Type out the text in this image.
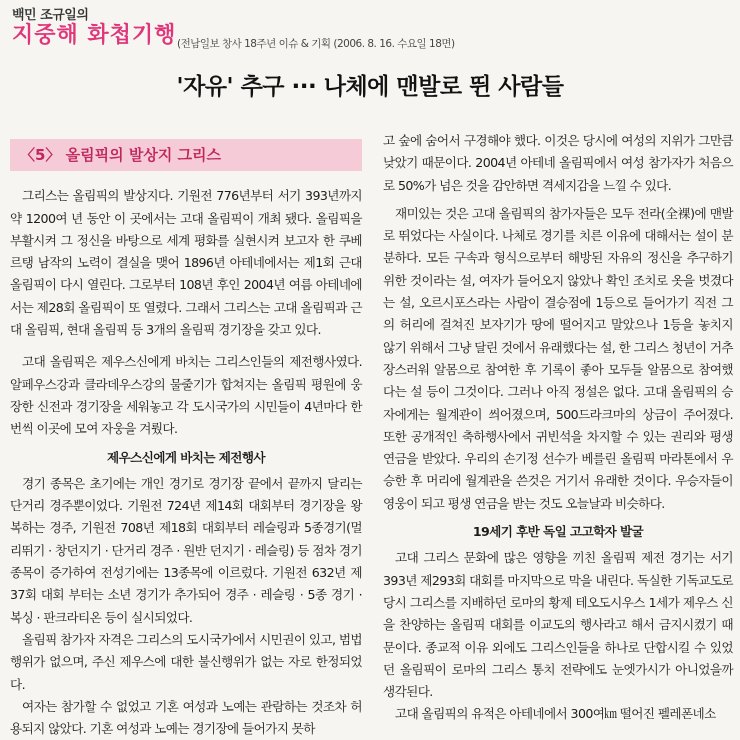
백민 조규일의
지중해 화첩기행 (전남일보 창사 18주년 이슈 & 기획 (2006. 8. 16. 수요일 18면)
'자유' 추구 ··· 나체에 맨발로 뛴 사람들
〈5〉 올림픽의 발상지 그리스

그리스는 올림픽의 발상지다. 기원전 776년부터 서기 393년까지 약 1200여 년 동안 이 곳에서는 고대 올림픽이 개최 됐다. 올림픽을 부활시켜 그 정신을 바탕으로 세계 평화를 실현시켜 보고자 한 쿠베르탱 남작의 노력이 결실을 맺어 1896년 아테네에서는 제1회 근대 올림픽이 다시 열린다. 그로부터 108년 후인 2004년 여름 아테네에서는 제28회 올림픽이 또 열렸다. 그래서 그리스는 고대 올림픽과 근대 올림픽, 현대 올림픽 등 3개의 올림픽 경기장을 갖고 있다.

고대 올림픽은 제우스신에게 바치는 그리스인들의 제전행사였다. 알페우스강과 클라데우스강의 물줄기가 합쳐지는 올림픽 평원에 웅장한 신전과 경기장을 세워놓고 각 도시국가의 시민들이 4년마다 한번씩 이곳에 모여 자웅을 겨뤘다.

제우스신에게 바치는 제전행사

경기 종목은 초기에는 개인 경기로 경기장 끝에서 끝까지 달리는 단거리 경주뿐이었다. 기원전 724년 제14회 대회부터 경기장을 왕복하는 경주, 기원전 708년 제18회 대회부터 레슬링과 5종경기(멀리뛰기 · 창던지기 · 단거리 경주 · 원반 던지기 · 레슬링) 등 점차 경기 종목이 증가하여 전성기에는 13종목에 이르렀다. 기원전 632년 제37회 대회 부터는 소년 경기가 추가되어 경주 · 레슬링 · 5종 경기 · 복싱 · 판크라티온 등이 실시되었다.

올림픽 참가자 자격은 그리스의 도시국가에서 시민권이 있고, 범법 행위가 없으며, 주신 제우스에 대한 불신행위가 없는 자로 한정되었다.

여자는 참가할 수 없었고 기혼 여성과 노예는 관람하는 것조차 허용되지 않았다. 기혼 여성과 노예는 경기장에 들어가지 못하

고 숲에 숨어서 구경해야 했다. 이것은 당시에 여성의 지위가 그만큼 낮았기 때문이다. 2004년 아테네 올림픽에서 여성 참가자가 처음으로 50%가 넘은 것을 감안하면 격세지감을 느낄 수 있다.

재미있는 것은 고대 올림픽의 참가자들은 모두 전라(全裸)에 맨발로 뛰었다는 사실이다. 나체로 경기를 치른 이유에 대해서는 설이 분분하다. 모든 구속과 형식으로부터 해방된 자유의 정신을 추구하기 위한 것이라는 설, 여자가 들어오지 않았나 확인 조치로 옷을 벗겼다는 설, 오르시포스라는 사람이 결승점에 1등으로 들어가기 직전 그의 허리에 걸쳐진 보자기가 땅에 떨어지고 말았으나 1등을 놓치지 않기 위해서 그냥 달린 것에서 유래했다는 설, 한 그리스 청년이 거추장스러워 알몸으로 참여한 후 기록이 좋아 모두들 알몸으로 참여했다는 설 등이 그것이다. 그러나 아직 정설은 없다. 고대 올림픽의 승자에게는 월계관이 씌어졌으며, 500드라크마의 상금이 주어졌다. 또한 공개적인 축하행사에서 귀빈석을 차지할 수 있는 권리와 평생 연금을 받았다. 우리의 손기정 선수가 베를린 올림픽 마라톤에서 우승한 후 머리에 월계관을 쓴것은 거기서 유래한 것이다. 우승자들이 영웅이 되고 평생 연금을 받는 것도 오늘날과 비슷하다.

19세기 후반 독일 고고학자 발굴

고대 그리스 문화에 많은 영향을 끼친 올림픽 제전 경기는 서기 393년 제293회 대회를 마지막으로 막을 내린다. 독실한 기독교도로 당시 그리스를 지배하던 로마의 황제 테오도시우스 1세가 제우스 신을 찬양하는 올림픽 대회를 이교도의 행사라고 해서 금지시켰기 때문이다. 종교적 이유 외에도 그리스인들을 하나로 단합시킬 수 있었던 올림픽이 로마의 그리스 통치 전략에도 눈엣가시가 아니었을까 생각된다.

고대 올림픽의 유적은 아테네에서 300여㎞ 떨어진 펠레폰네소
